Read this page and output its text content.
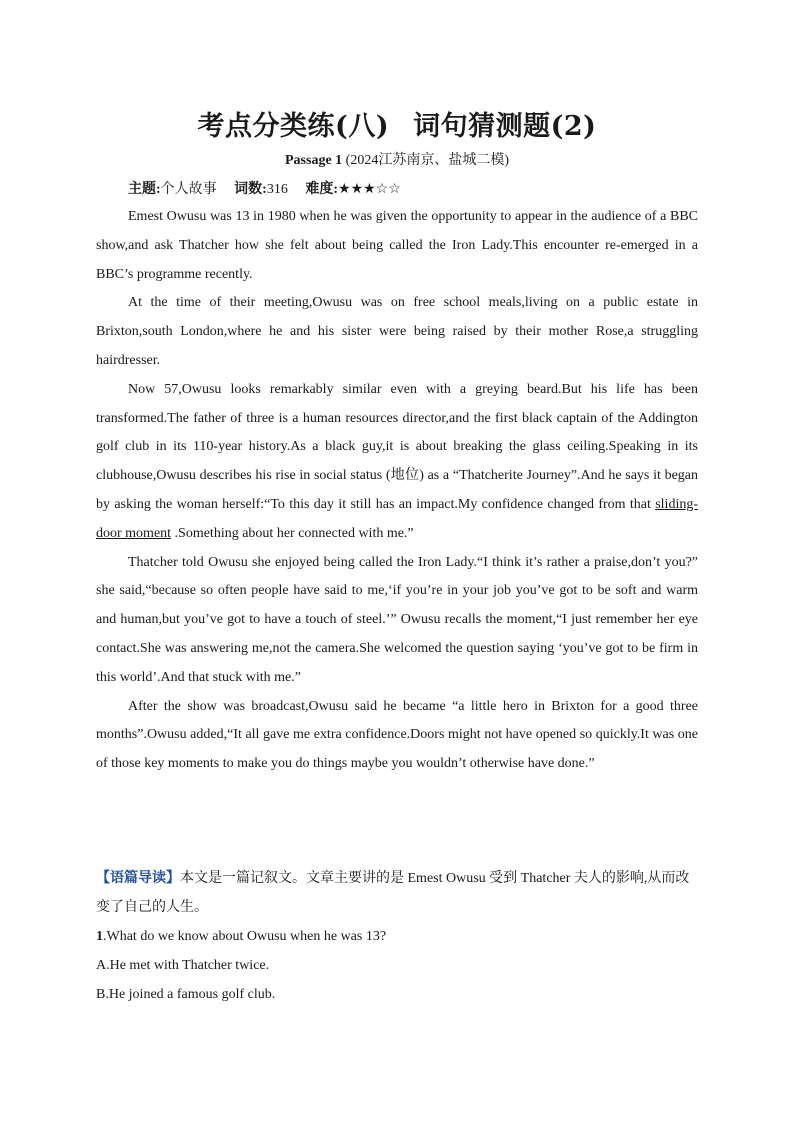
考点分类练(八) 词句猜测题(2)
Passage 1 (2024江苏南京、盐城二模)
主题:个人故事 词数:316 难度:★★★☆☆

Emest Owusu was 13 in 1980 when he was given the opportunity to appear in the audience of a BBC show,and ask Thatcher how she felt about being called the Iron Lady.This encounter re-emerged in a BBC’s programme recently.

At the time of their meeting,Owusu was on free school meals,living on a public estate in Brixton,south London,where he and his sister were being raised by their mother Rose,a struggling hairdresser.

Now 57,Owusu looks remarkably similar even with a greying beard.But his life has been transformed.The father of three is a human resources director,and the first black captain of the Addington golf club in its 110-year history.As a black guy,it is about breaking the glass ceiling.Speaking in its clubhouse,Owusu describes his rise in social status (地位) as a “Thatcherite Journey”.And he says it began by asking the woman herself:“To this day it still has an impact.My confidence changed from that sliding-door moment .Something about her connected with me.”

Thatcher told Owusu she enjoyed being called the Iron Lady.“I think it’s rather a praise,don’t you?” she said,“because so often people have said to me,‘if you’re in your job you’ve got to be soft and warm and human,but you’ve got to have a touch of steel.’” Owusu recalls the moment,“I just remember her eye contact.She was answering me,not the camera.She welcomed the question saying ‘you’ve got to be firm in this world’.And that stuck with me.”

After the show was broadcast,Owusu said he became “a little hero in Brixton for a good three months”.Owusu added,“It all gave me extra confidence.Doors might not have opened so quickly.It was one of those key moments to make you do things maybe you wouldn’t otherwise have done.”

【语篇导读】本文是一篇记叙文。文章主要讲的是 Emest Owusu 受到 Thatcher 夫人的影响,从而改变了自己的人生。
1.What do we know about Owusu when he was 13?
A.He met with Thatcher twice.
B.He joined a famous golf club.
